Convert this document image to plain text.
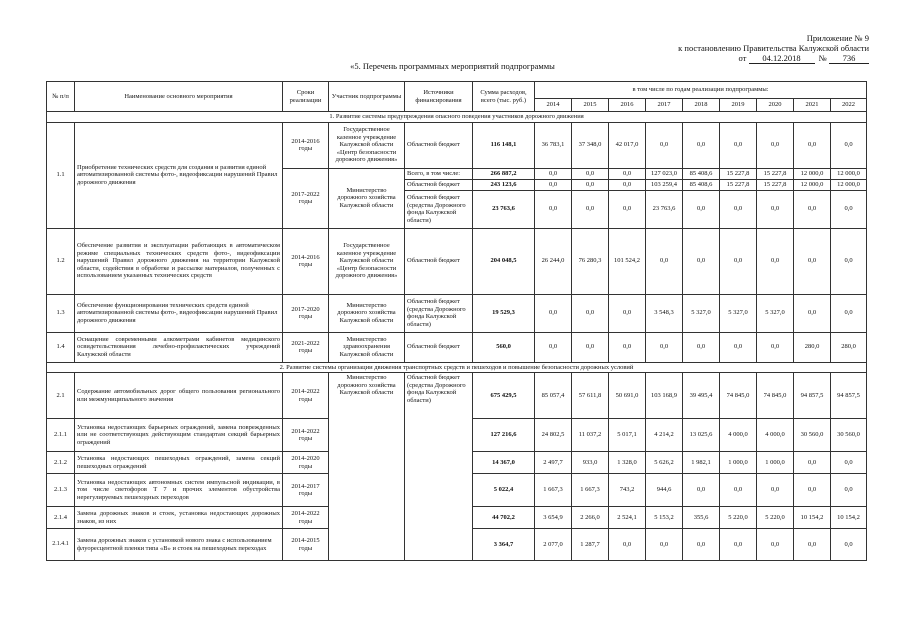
Приложение № 9
к постановлению Правительства Калужской области
от 04.12.2018 № 736
«5. Перечень программных мероприятий подпрограммы
№ п/п	Наименование основного мероприятия	Сроки реализации	Участник подпрограммы	Источники финансирования	Сумма расходов, всего (тыс. руб.)	в том числе по годам реализации подпрограммы:								
						2014	2015	2016	2017	2018	2019	2020	2021	2022
1. Развитие системы предупреждения опасного поведения участников дорожного движения														
1.1	Приобретение технических средств для создания и развития единой автоматизированной системы фото-, видеофиксации нарушений Правил дорожного движения	2014-2016 годы	Государственное казенное учреждение Калужской области «Центр безопасности дорожного движения»	Областной бюджет	116 148,1	36 783,1	37 348,0	42 017,0	0,0	0,0	0,0	0,0	0,0	0,0
		2017-2022 годы	Министерство дорожного хозяйства Калужской области	Всего, в том числе:	266 887,2	0,0	0,0	0,0	127 023,0	85 408,6	15 227,8	15 227,8	12 000,0	12 000,0
				Областной бюджет	243 123,6	0,0	0,0	0,0	103 259,4	85 408,6	15 227,8	15 227,8	12 000,0	12 000,0
				Областной бюджет (средства Дорожного фонда Калужской области)	23 763,6	0,0	0,0	0,0	23 763,6	0,0	0,0	0,0	0,0	0,0
1.2	Обеспечение развития и эксплуатации работающих в автоматическом режиме специальных технических средств фото-, видеофиксации нарушений Правил дорожного движения на территории Калужской области, содействия в обработке и рассылке материалов, полученных с использованием указанных технических средств	2014-2016 годы	Государственное казенное учреждение Калужской области «Центр безопасности дорожного движения»	Областной бюджет	204 048,5	26 244,0	76 280,3	101 524,2	0,0	0,0	0,0	0,0	0,0	0,0
1.3	Обеспечение функционирования технических средств единой автоматизированной системы фото-, видеофиксации нарушений Правил дорожного движения	2017-2020 годы	Министерство дорожного хозяйства Калужской области	Областной бюджет (средства Дорожного фонда Калужской области)	19 529,3	0,0	0,0	0,0	3 548,3	5 327,0	5 327,0	5 327,0	0,0	0,0
1.4	Оснащение современными алкометрами кабинетов медицинского освидетельствования лечебно-профилактических учреждений Калужской области	2021-2022 годы	Министерство здравоохранения Калужской области	Областной бюджет	560,0	0,0	0,0	0,0	0,0	0,0	0,0	0,0	280,0	280,0
2. Развитие системы организации движения транспортных средств и пешеходов и повышение безопасности дорожных условий														
2.1	Содержание автомобильных дорог общего пользования регионального или межмуниципального значения	2014-2022 годы	Министерство дорожного хозяйства Калужской области	Областной бюджет (средства Дорожного фонда Калужской области)	675 429,5	85 057,4	57 611,8	50 691,0	103 168,9	39 495,4	74 845,0	74 845,0	94 857,5	94 857,5
2.1.1	Установка недостающих барьерных ограждений, замена поврежденных или не соответствующих действующим стандартам секций барьерных ограждений	2014-2022 годы			127 216,6	24 802,5	11 037,2	5 017,1	4 214,2	13 025,6	4 000,0	4 000,0	30 560,0	30 560,0
2.1.2	Установка недостающих пешеходных ограждений, замена секций пешеходных ограждений	2014-2020 годы			14 367,0	2 497,7	933,0	1 328,0	5 626,2	1 982,1	1 000,0	1 000,0	0,0	0,0
2.1.3	Установка недостающих автономных систем импульсной индикации, в том числе светофоров Т 7 и прочих элементов обустройства нерегулируемых пешеходных переходов	2014-2017 годы			5 022,4	1 667,3	1 667,3	743,2	944,6	0,0	0,0	0,0	0,0	0,0
2.1.4	Замена дорожных знаков и стоек, установка недостающих дорожных знаков, из них	2014-2022 годы			44 702,2	3 654,9	2 266,0	2 524,1	5 153,2	355,6	5 220,0	5 220,0	10 154,2	10 154,2
2.1.4.1	Замена дорожных знаков с установкой нового знака с использованием флуоресцентной пленки типа «В» и стоек на пешеходных переходах	2014-2015 годы			3 364,7	2 077,0	1 287,7	0,0	0,0	0,0	0,0	0,0	0,0	0,0
